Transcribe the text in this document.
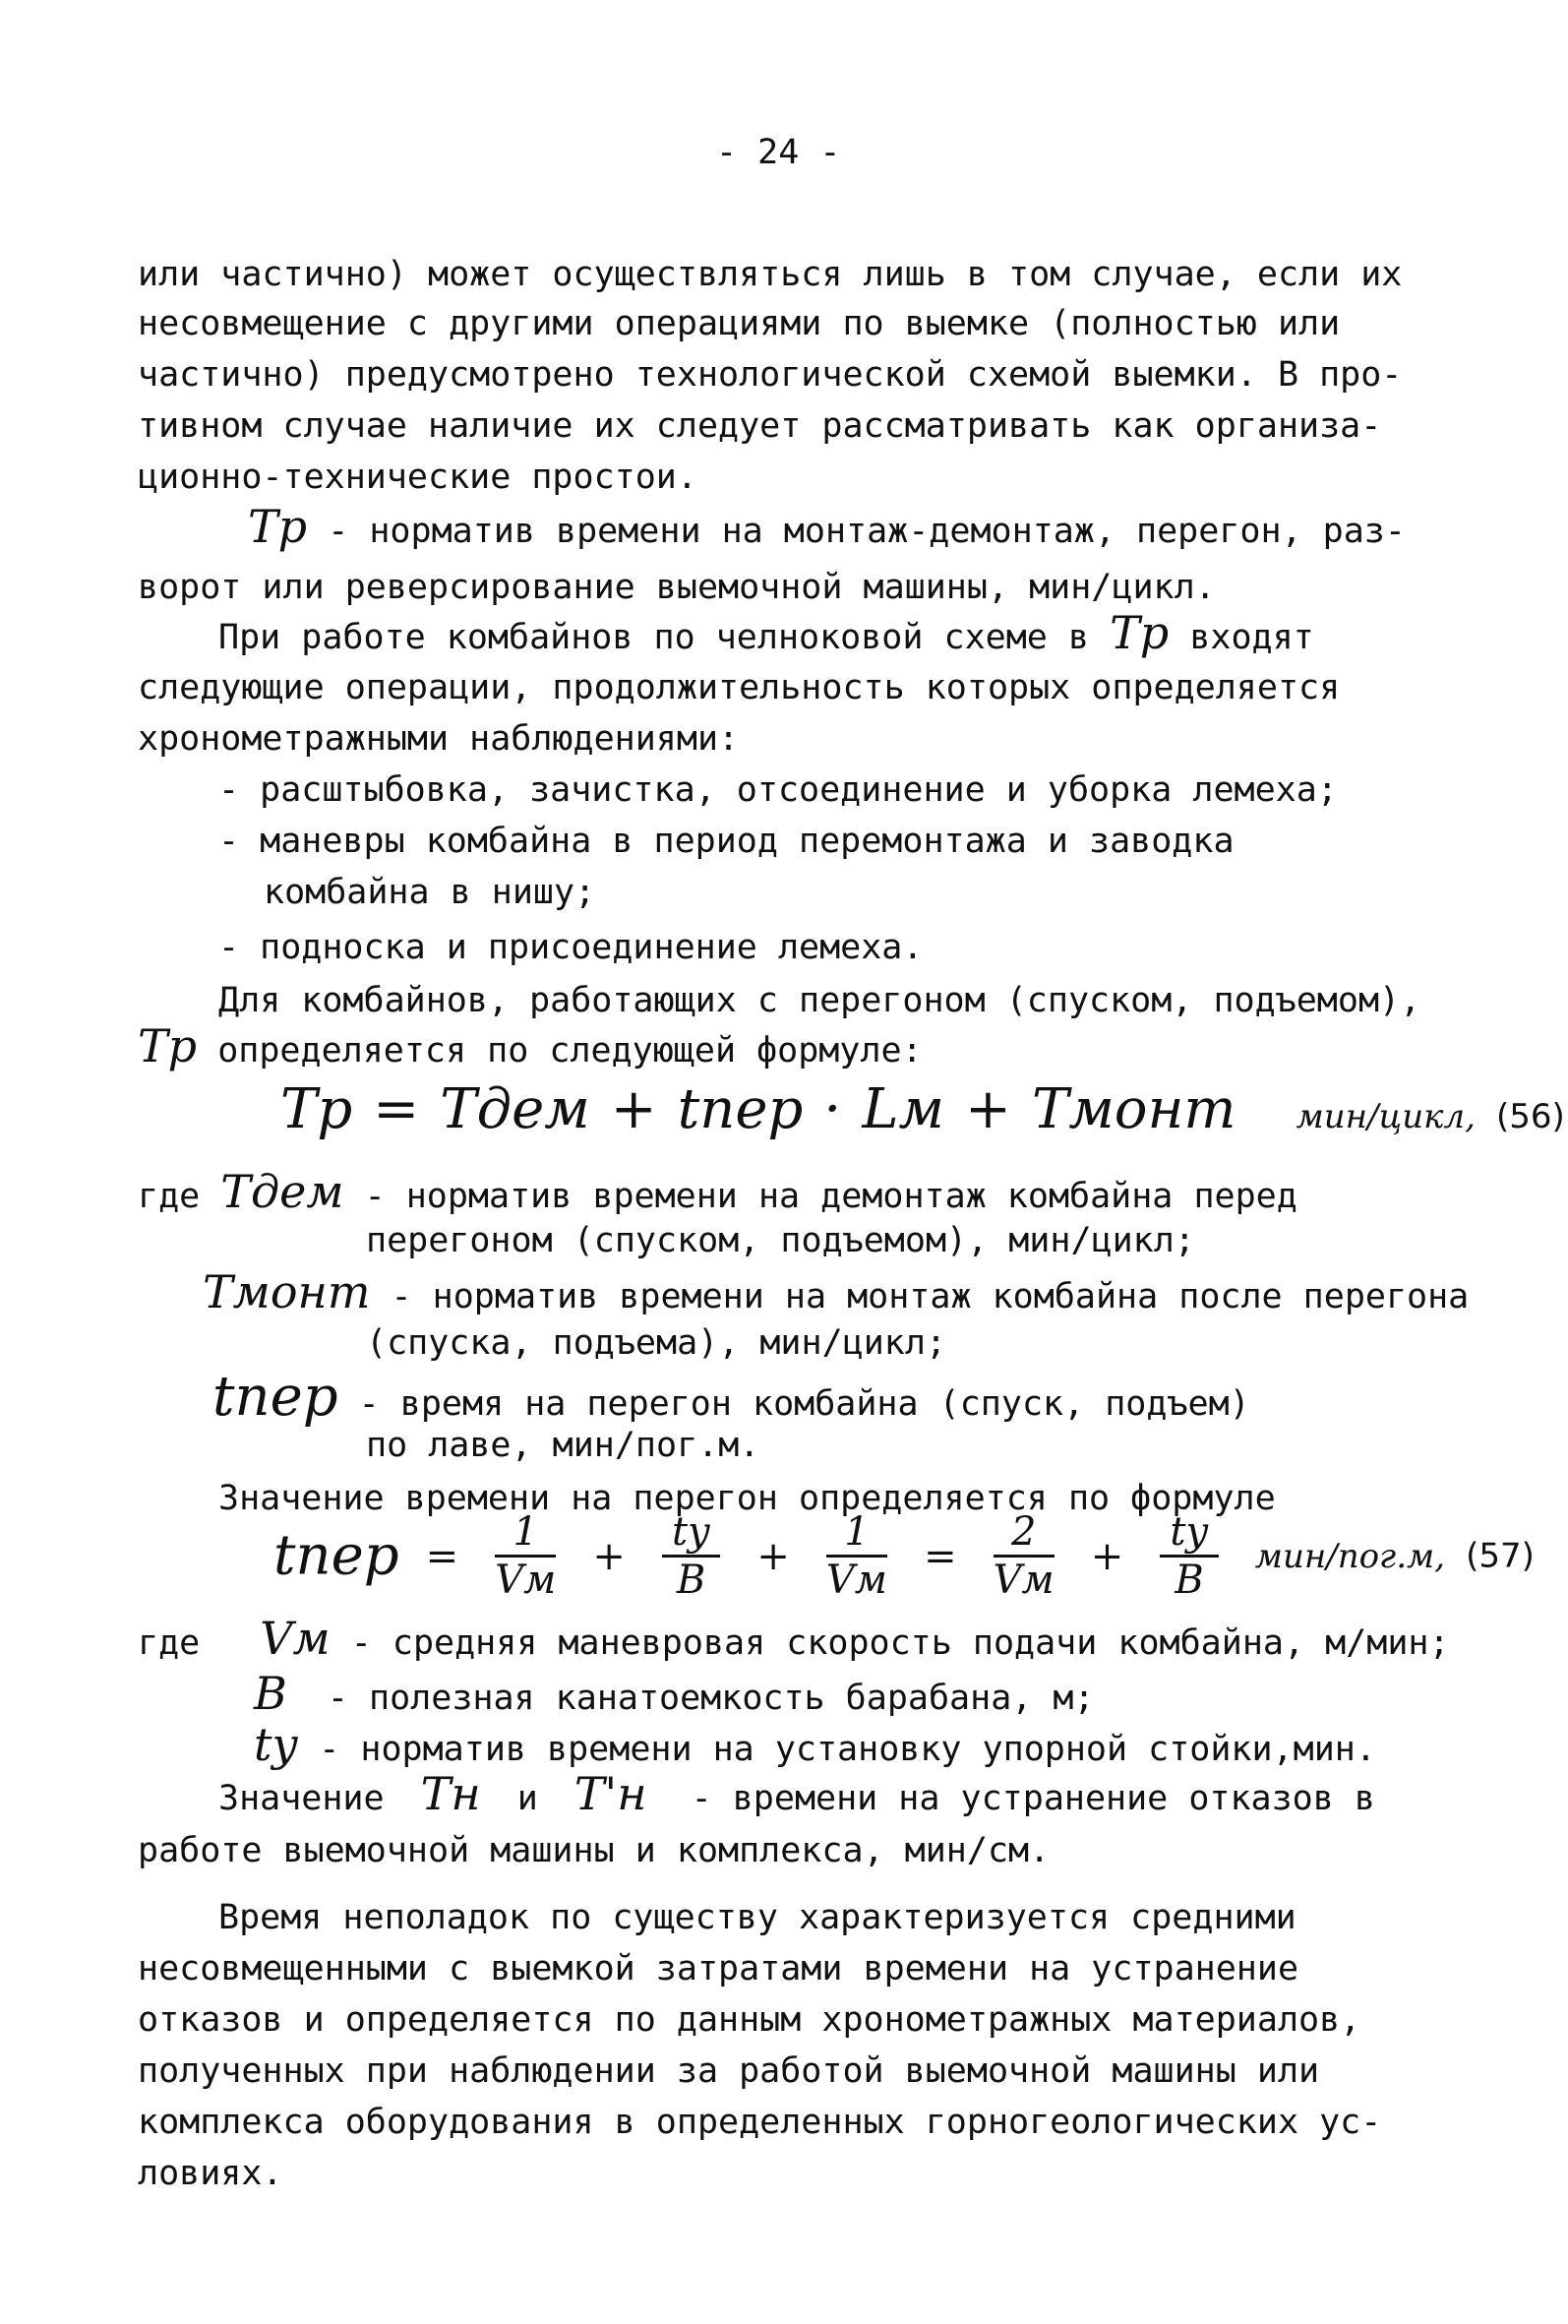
- 24 -
или частично) может осуществляться лишь в том случае, если их
несовмещение с другими операциями по выемке (полностью или
частично) предусмотрено технологической схемой выемки. В про-
тивном случае наличие их следует рассматривать как организа-
ционно-технические простои.
Tр - норматив времени на монтаж-демонтаж, перегон, раз-
ворот или реверсирование выемочной машины, мин/цикл.
При работе комбайнов по челноковой схеме в Tр входят
следующие операции, продолжительность которых определяется
хронометражными наблюдениями:
- расштыбовка, зачистка, отсоединение и уборка лемеха;
- маневры комбайна в период перемонтажа и заводка
комбайна в нишу;
- подноска и присоединение лемеха.
Для комбайнов, работающих с перегоном (спуском, подъемом),
Tр определяется по следующей формуле:
Tр = Tдем + tпер · Lм + Tмонт мин/цикл, (56)
где Tдем - норматив времени на демонтаж комбайна перед
перегоном (спуском, подъемом), мин/цикл;
Tмонт - норматив времени на монтаж комбайна после перегона
(спуска, подъема), мин/цикл;
tпер - время на перегон комбайна (спуск, подъем)
по лаве, мин/пог.м.
Значение времени на перегон определяется по формуле
tпер = $\frac{1}{Vм} + \frac{tу}{B} + \frac{1}{Vм} = \frac{2}{Vм} + \frac{tу}{B} мин/пог.м$, (57)
где Vм - средняя маневровая скорость подачи комбайна, м/мин;
B - полезная канатоемкость барабана, м;
tу - норматив времени на установку упорной стойки,мин.
Значение Tн и T'н - времени на устранение отказов в
работе выемочной машины и комплекса, мин/см.
Время неполадок по существу характеризуется средними
несовмещенными с выемкой затратами времени на устранение
отказов и определяется по данным хронометражных материалов,
полученных при наблюдении за работой выемочной машины или
комплекса оборудования в определенных горногеологических ус-
ловиях.
